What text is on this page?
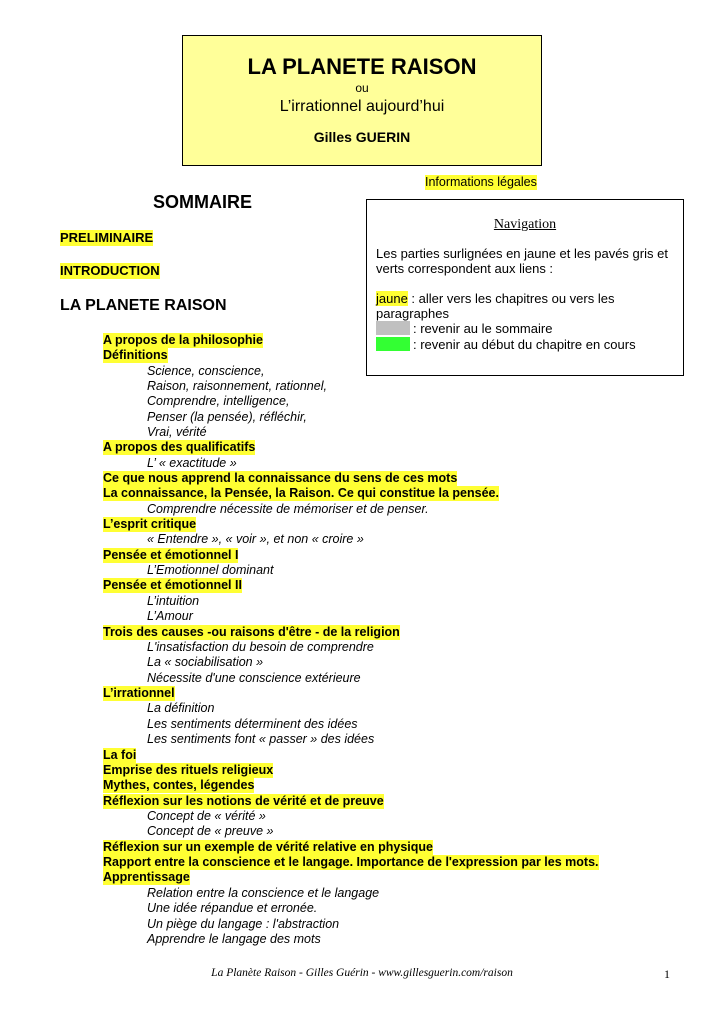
LA PLANETE RAISON
ou
L’irrationnel aujourd’hui
Gilles GUERIN
Informations légales
SOMMAIRE
Navigation
Les parties surlignées en jaune et les pavés gris et verts correspondent aux liens :
jaune : aller vers les chapitres ou vers les paragraphes
: revenir au le sommaire
: revenir au début du chapitre en cours
PRELIMINAIRE
INTRODUCTION
LA PLANETE RAISON
A propos de la philosophie
Définitions
Science, conscience,
Raison, raisonnement, rationnel,
Comprendre, intelligence,
Penser (la pensée), réfléchir,
Vrai, vérité
A propos des qualificatifs
L’ « exactitude »
Ce que nous apprend la connaissance du sens de ces mots
La connaissance, la Pensée, la Raison. Ce qui constitue la pensée.
Comprendre nécessite de mémoriser et de penser.
L’esprit critique
« Entendre », « voir », et non « croire »
Pensée et émotionnel I
L’Emotionnel dominant
Pensée et émotionnel II
L’intuition
L’Amour
Trois des causes -ou raisons d'être - de la religion
L'insatisfaction du besoin de comprendre
La « sociabilisation »
Nécessite d'une conscience extérieure
L’irrationnel
La définition
Les sentiments déterminent des idées
Les sentiments font « passer » des idées
La foi
Emprise des rituels religieux
Mythes, contes, légendes
Réflexion sur les notions de vérité et de preuve
Concept de « vérité »
Concept de « preuve »
Réflexion sur un exemple de vérité relative en physique
Rapport entre la conscience et le langage. Importance de l'expression par les mots.
Apprentissage
Relation entre la conscience et le langage
Une idée répandue et erronée.
Un piège du langage : l'abstraction
Apprendre le langage des mots
La Planète Raison - Gilles Guérin - www.gillesguerin.com/raison	1
